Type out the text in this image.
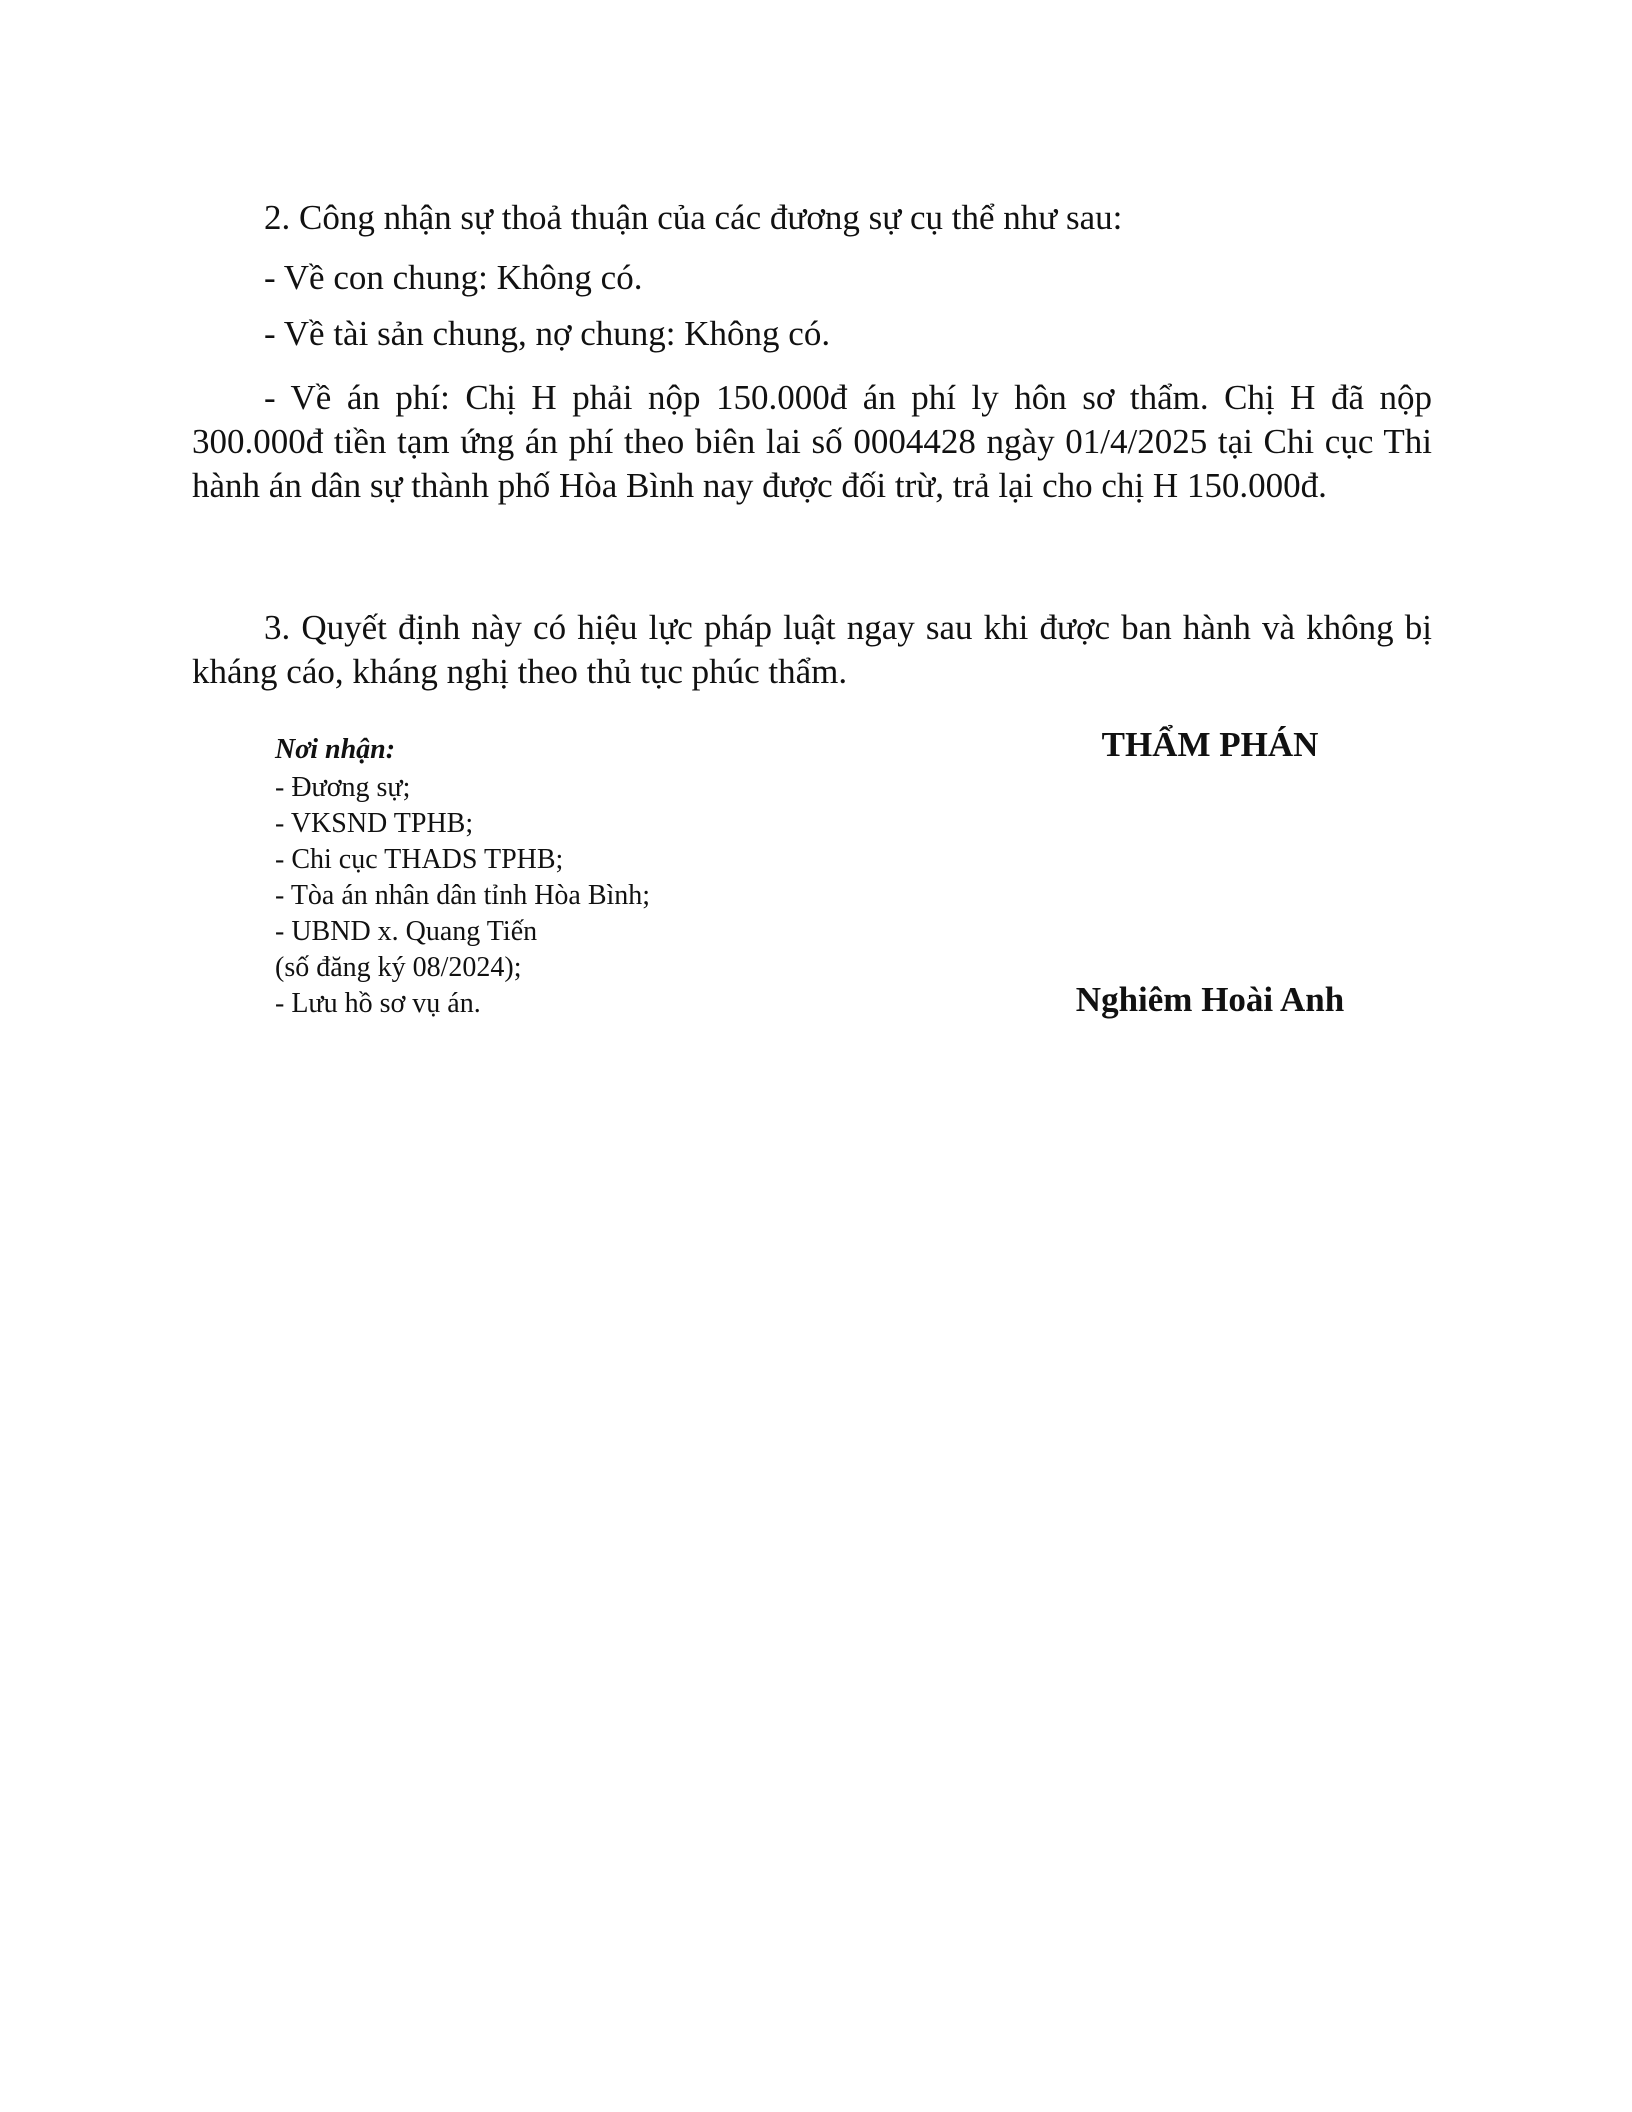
2. Công nhận sự thoả thuận của các đương sự cụ thể như sau:

- Về con chung: Không có.

- Về tài sản chung, nợ chung: Không có.

- Về án phí: Chị H phải nộp 150.000đ án phí ly hôn sơ thẩm. Chị H đã nộp 300.000đ tiền tạm ứng án phí theo biên lai số 0004428 ngày 01/4/2025 tại Chi cục Thi hành án dân sự thành phố Hòa Bình nay được đối trừ, trả lại cho chị H 150.000đ.

3. Quyết định này có hiệu lực pháp luật ngay sau khi được ban hành và không bị kháng cáo, kháng nghị theo thủ tục phúc thẩm.

Nơi nhận:
- Đương sự;
- VKSND TPHB;
- Chi cục THADS TPHB;
- Tòa án nhân dân tỉnh Hòa Bình;
- UBND x. Quang Tiến
(số đăng ký 08/2024);
- Lưu hồ sơ vụ án.
THẨM PHÁN
Nghiêm Hoài Anh
